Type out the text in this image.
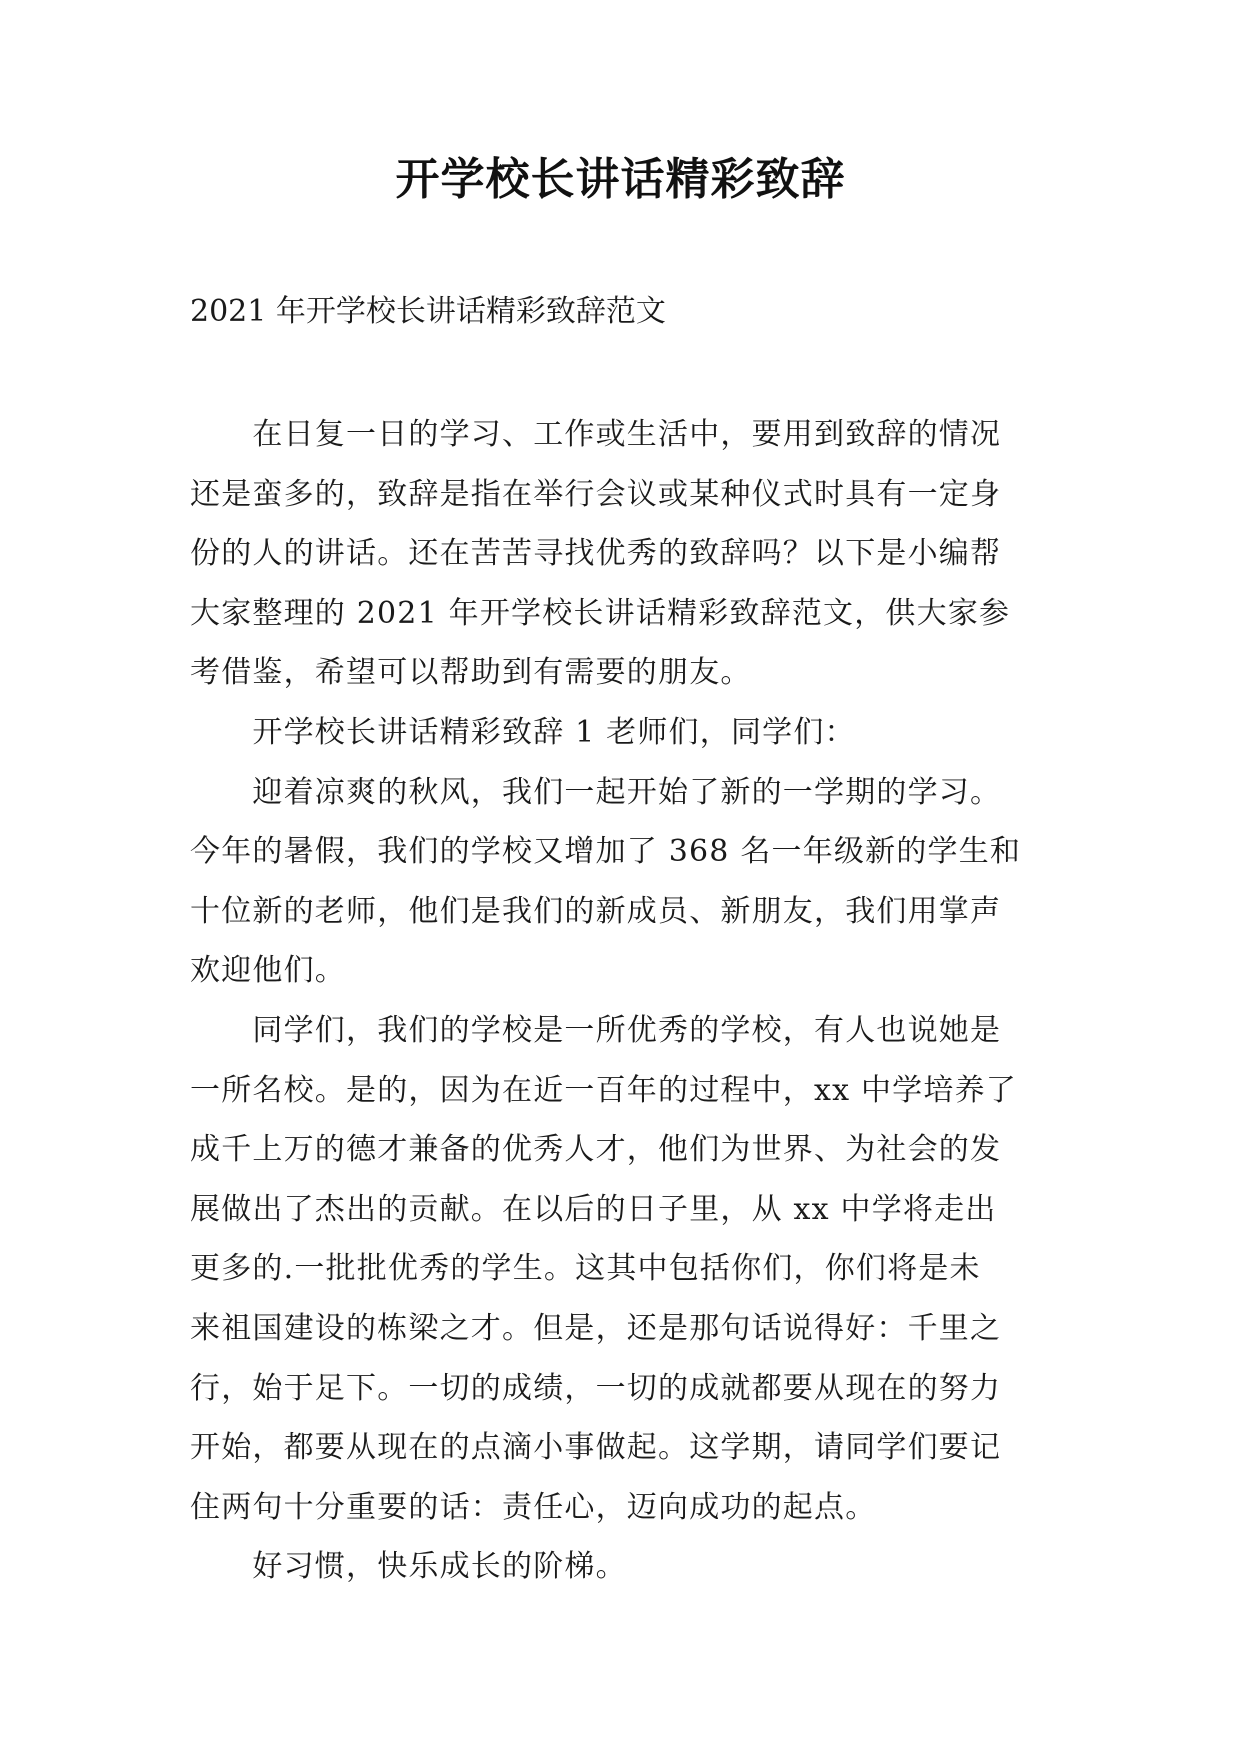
开学校长讲话精彩致辞
2021 年开学校长讲话精彩致辞范文
　　在日复一日的学习、工作或生活中，要用到致辞的情况
还是蛮多的，致辞是指在举行会议或某种仪式时具有一定身
份的人的讲话。还在苦苦寻找优秀的致辞吗？以下是小编帮
大家整理的 2021 年开学校长讲话精彩致辞范文，供大家参
考借鉴，希望可以帮助到有需要的朋友。
　　开学校长讲话精彩致辞 1 老师们，同学们：
　　迎着凉爽的秋风，我们一起开始了新的一学期的学习。
今年的暑假，我们的学校又增加了 368 名一年级新的学生和
十位新的老师，他们是我们的新成员、新朋友，我们用掌声
欢迎他们。
　　同学们，我们的学校是一所优秀的学校，有人也说她是
一所名校。是的，因为在近一百年的过程中，xx 中学培养了
成千上万的德才兼备的优秀人才，他们为世界、为社会的发
展做出了杰出的贡献。在以后的日子里，从 xx 中学将走出
更多的.一批批优秀的学生。这其中包括你们，你们将是未
来祖国建设的栋梁之才。但是，还是那句话说得好：千里之
行，始于足下。一切的成绩，一切的成就都要从现在的努力
开始，都要从现在的点滴小事做起。这学期，请同学们要记
住两句十分重要的话：责任心，迈向成功的起点。
　　好习惯，快乐成长的阶梯。
